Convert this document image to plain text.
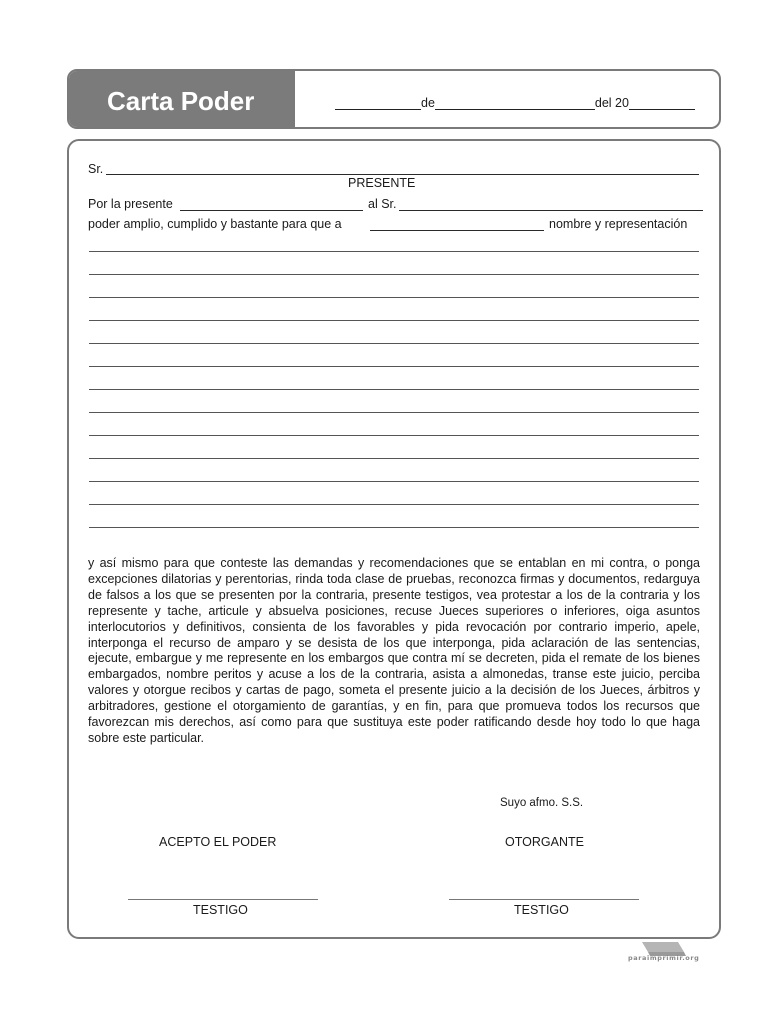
Carta Poder	de	del 20
Sr.
PRESENTE
Por la presente	al Sr.
poder amplio, cumplido y bastante para que a	nombre y representación

y así mismo para que conteste las demandas y recomendaciones que se entablan en mi contra, o ponga excepciones dilatorias y perentorias, rinda toda clase de pruebas, reconozca firmas y documentos, redarguya de falsos a los que se presenten por la contraria, presente testigos, vea protestar a los de la contraria y los represente y tache, articule y absuelva posiciones, recuse Jueces superiores o inferiores, oiga asuntos interlocutorios y definitivos, consienta de los favorables y pida revocación por contrario imperio, apele, interponga el recurso de amparo y se desista de los que interponga, pida aclaración de las sentencias, ejecute, embargue y me represente en los embargos que contra mí se decreten, pida el remate de los bienes embargados, nombre peritos y acuse a los de la contraria, asista a almonedas, transe este juicio, perciba valores y otorgue recibos y cartas de pago, someta el presente juicio a la decisión de los Jueces, árbitros y arbitradores, gestione el otorgamiento de garantías, y en fin, para que promueva todos los recursos que favorezcan mis derechos, así como para que sustituya este poder ratificando desde hoy todo lo que haga sobre este particular.

Suyo afmo. S.S.
ACEPTO EL PODER	OTORGANTE
TESTIGO	TESTIGO
paraimprimir.org
